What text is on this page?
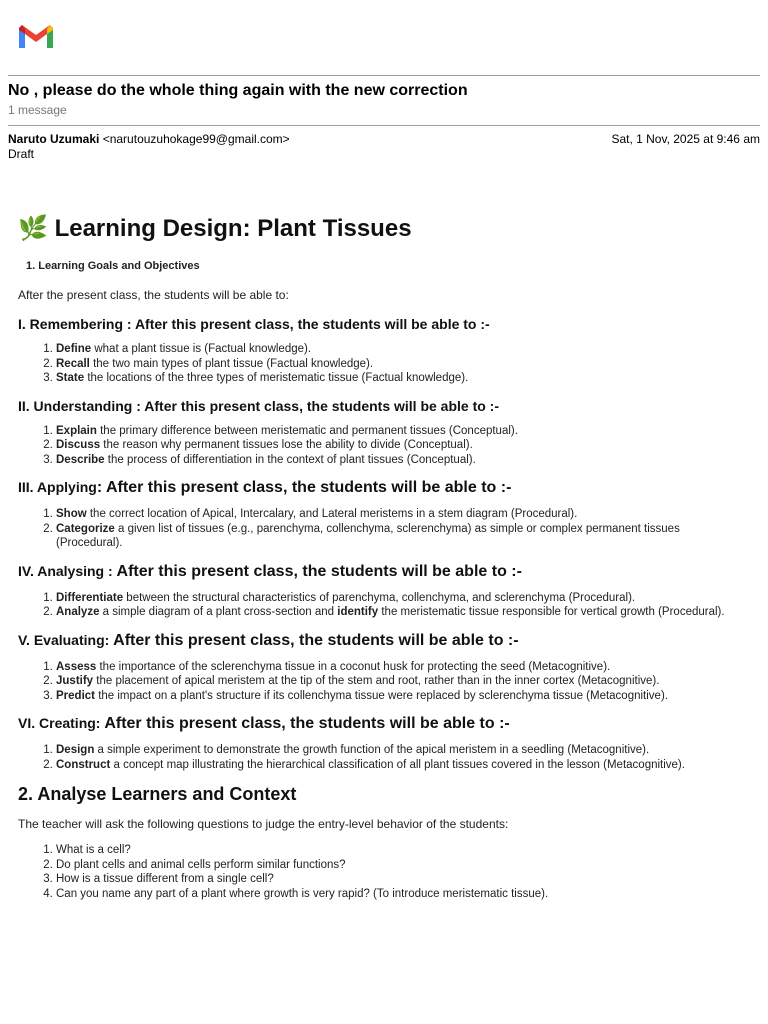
No , please do the whole thing again with the new correction
1 message
Naruto Uzumaki <narutouzuhokage99@gmail.com>
Draft
Sat, 1 Nov, 2025 at 9:46 am
🌿 Learning Design: Plant Tissues
1. Learning Goals and Objectives
After the present class, the students will be able to:
I. Remembering : After this present class, the students will be able to :-
1. Define what a plant tissue is (Factual knowledge).
2. Recall the two main types of plant tissue (Factual knowledge).
3. State the locations of the three types of meristematic tissue (Factual knowledge).
II. Understanding : After this present class, the students will be able to :-
1. Explain the primary difference between meristematic and permanent tissues (Conceptual).
2. Discuss the reason why permanent tissues lose the ability to divide (Conceptual).
3. Describe the process of differentiation in the context of plant tissues (Conceptual).
III. Applying: After this present class, the students will be able to :-
1. Show the correct location of Apical, Intercalary, and Lateral meristems in a stem diagram (Procedural).
2. Categorize a given list of tissues (e.g., parenchyma, collenchyma, sclerenchyma) as simple or complex permanent tissues (Procedural).
IV. Analysing : After this present class, the students will be able to :-
1. Differentiate between the structural characteristics of parenchyma, collenchyma, and sclerenchyma (Procedural).
2. Analyze a simple diagram of a plant cross-section and identify the meristematic tissue responsible for vertical growth (Procedural).
V. Evaluating: After this present class, the students will be able to :-
1. Assess the importance of the sclerenchyma tissue in a coconut husk for protecting the seed (Metacognitive).
2. Justify the placement of apical meristem at the tip of the stem and root, rather than in the inner cortex (Metacognitive).
3. Predict the impact on a plant's structure if its collenchyma tissue were replaced by sclerenchyma tissue (Metacognitive).
VI. Creating: After this present class, the students will be able to :-
1. Design a simple experiment to demonstrate the growth function of the apical meristem in a seedling (Metacognitive).
2. Construct a concept map illustrating the hierarchical classification of all plant tissues covered in the lesson (Metacognitive).
2. Analyse Learners and Context
The teacher will ask the following questions to judge the entry-level behavior of the students:
1. What is a cell?
2. Do plant cells and animal cells perform similar functions?
3. How is a tissue different from a single cell?
4. Can you name any part of a plant where growth is very rapid? (To introduce meristematic tissue).
